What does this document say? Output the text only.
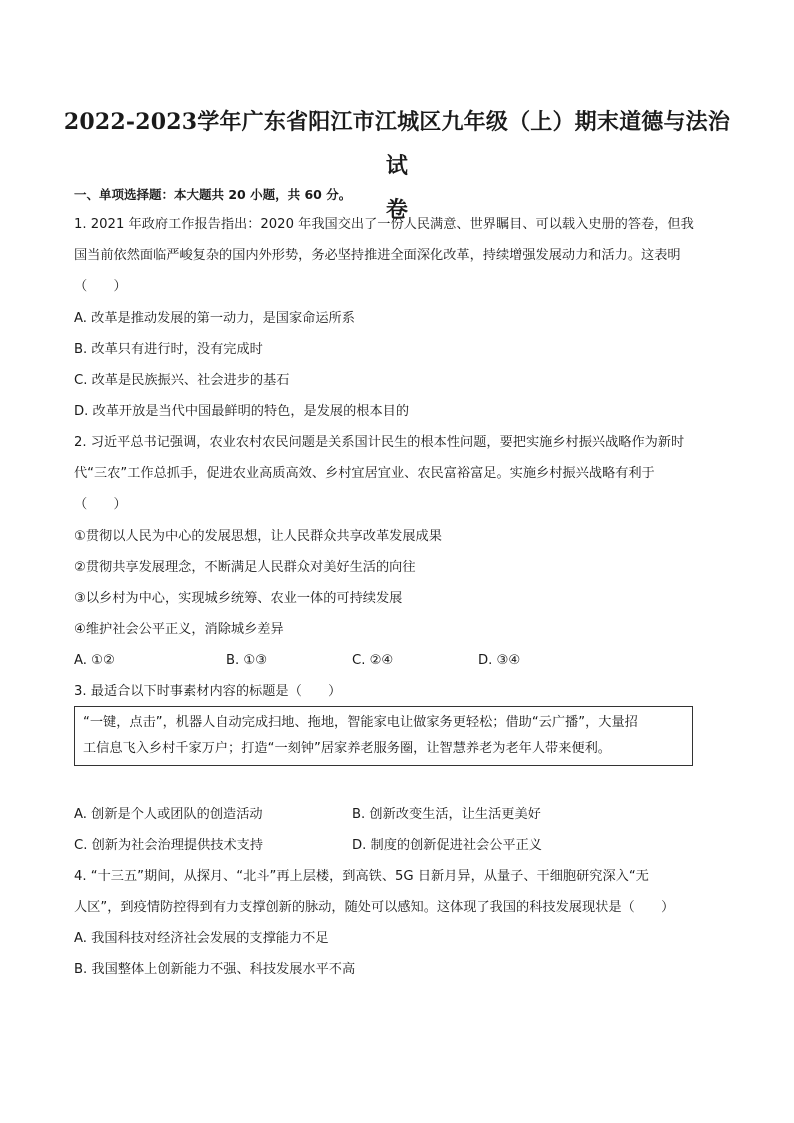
2022-2023学年广东省阳江市江城区九年级（上）期末道德与法治试
卷
一、单项选择题：本大题共 20 小题，共 60 分。
1. 2021 年政府工作报告指出：2020 年我国交出了一份人民满意、世界瞩目、可以载入史册的答卷，但我
国当前依然面临严峻复杂的国内外形势，务必坚持推进全面深化改革，持续增强发展动力和活力。这表明
（　　）
A. 改革是推动发展的第一动力，是国家命运所系
B. 改革只有进行时，没有完成时
C. 改革是民族振兴、社会进步的基石
D. 改革开放是当代中国最鲜明的特色，是发展的根本目的
2. 习近平总书记强调，农业农村农民问题是关系国计民生的根本性问题，要把实施乡村振兴战略作为新时
代“三农”工作总抓手，促进农业高质高效、乡村宜居宜业、农民富裕富足。实施乡村振兴战略有利于
（　　）
①贯彻以人民为中心的发展思想，让人民群众共享改革发展成果
②贯彻共享发展理念，不断满足人民群众对美好生活的向往
③以乡村为中心，实现城乡统筹、农业一体的可持续发展
④维护社会公平正义，消除城乡差异
A. ①②	B. ①③	C. ②④	D. ③④
3. 最适合以下时事素材内容的标题是（　　）
“一键，点击”，机器人自动完成扫地、拖地，智能家电让做家务更轻松；借助“云广播”，大量招
工信息飞入乡村千家万户；打造“一刻钟”居家养老服务圈，让智慧养老为老年人带来便利。
A. 创新是个人或团队的创造活动	B. 创新改变生活，让生活更美好
C. 创新为社会治理提供技术支持	D. 制度的创新促进社会公平正义
4. “十三五”期间，从探月、“北斗”再上层楼，到高铁、5G 日新月异，从量子、干细胞研究深入“无
人区”，到疫情防控得到有力支撑创新的脉动，随处可以感知。这体现了我国的科技发展现状是（　　）
A. 我国科技对经济社会发展的支撑能力不足
B. 我国整体上创新能力不强、科技发展水平不高
